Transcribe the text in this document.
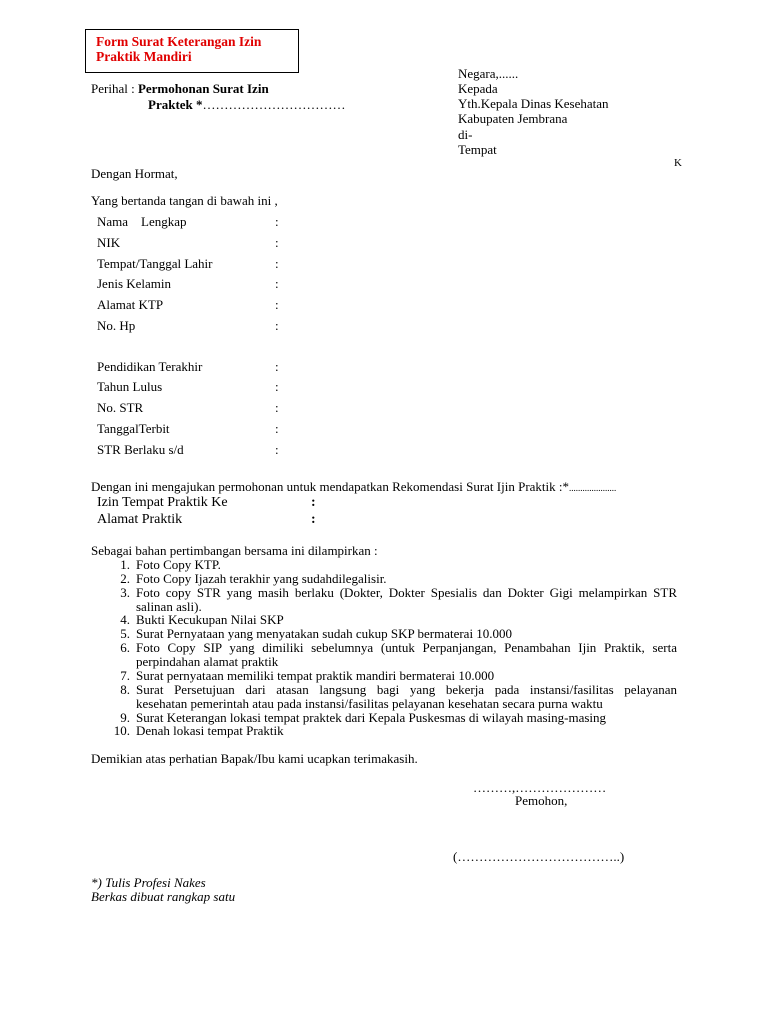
Form Surat Keterangan Izin
Praktik Mandiri
Perihal : Permohonan Surat Izin
Praktek *……………………………
Negara,......
Kepada
Yth.Kepala Dinas Kesehatan
Kabupaten Jembrana
di-
Tempat
K
Dengan Hormat,
Yang bertanda tangan di bawah ini ,
Nama    Lengkap	:
NIK	:
Tempat/Tanggal Lahir	:
Jenis Kelamin	:
Alamat KTP	:
No. Hp	:
Pendidikan Terakhir	:
Tahun Lulus	:
No. STR	:
TanggalTerbit	:
STR Berlaku s/d	:
Dengan ini mengajukan permohonan untuk mendapatkan Rekomendasi Surat Ijin Praktik :*.....................
Izin Tempat Praktik Ke	:
Alamat Praktik	:
Sebagai bahan pertimbangan bersama ini dilampirkan :
1. Foto Copy KTP.
2. Foto Copy Ijazah terakhir yang sudahdilegalisir.
3. Foto copy STR yang masih berlaku (Dokter, Dokter Spesialis dan Dokter Gigi melampirkan STR
salinan asli).
4. Bukti Kecukupan Nilai SKP
5. Surat Pernyataan yang menyatakan sudah cukup SKP bermaterai 10.000
6. Foto Copy SIP yang dimiliki sebelumnya (untuk Perpanjangan, Penambahan Ijin Praktik, serta
perpindahan alamat praktik
7. Surat pernyataan memiliki tempat praktik mandiri bermaterai 10.000
8. Surat Persetujuan dari atasan langsung bagi yang bekerja pada instansi/fasilitas pelayanan
kesehatan pemerintah atau pada instansi/fasilitas pelayanan kesehatan secara purna waktu
9. Surat Keterangan lokasi tempat praktek dari Kepala Puskesmas di wilayah masing-masing
10. Denah lokasi tempat Praktik
Demikian atas perhatian Bapak/Ibu kami ucapkan terimakasih.
………,…………………
Pemohon,
(………………………………..)
*) Tulis Profesi Nakes
Berkas dibuat rangkap satu
